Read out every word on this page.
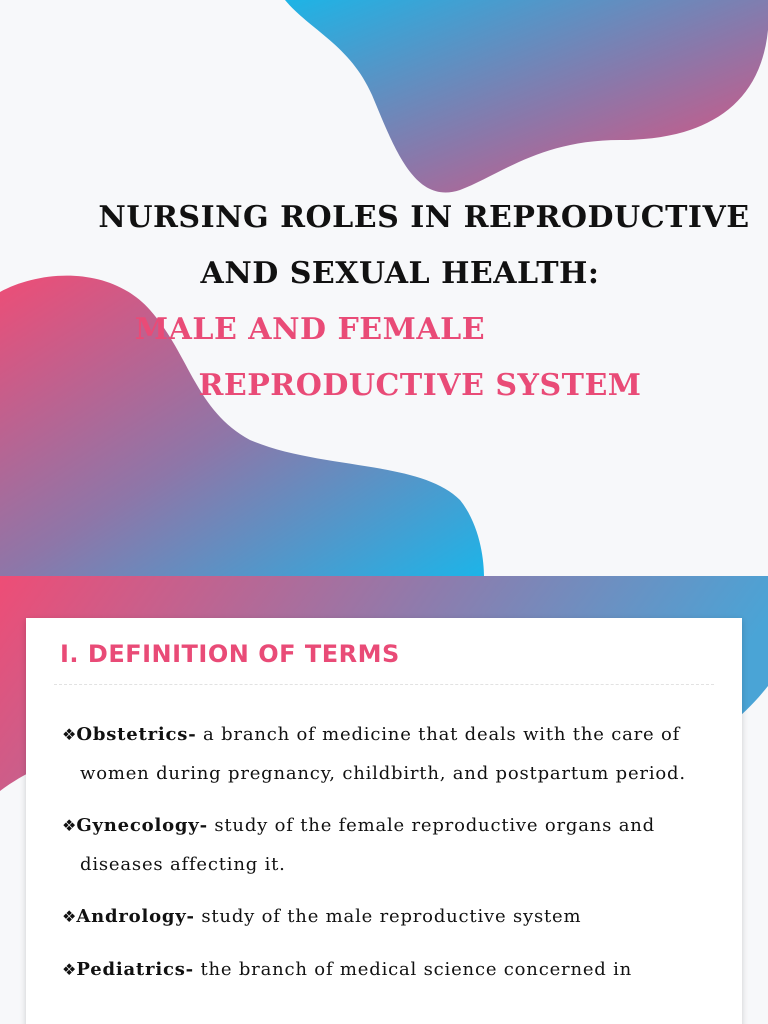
NURSING ROLES IN REPRODUCTIVE
AND SEXUAL HEALTH:
MALE AND FEMALE
REPRODUCTIVE SYSTEM
I. DEFINITION OF TERMS
❖Obstetrics- a branch of medicine that deals with the care of women during pregnancy, childbirth, and postpartum period.
❖Gynecology- study of the female reproductive organs and diseases affecting it.
❖Andrology- study of the male reproductive system
❖Pediatrics- the branch of medical science concerned in
